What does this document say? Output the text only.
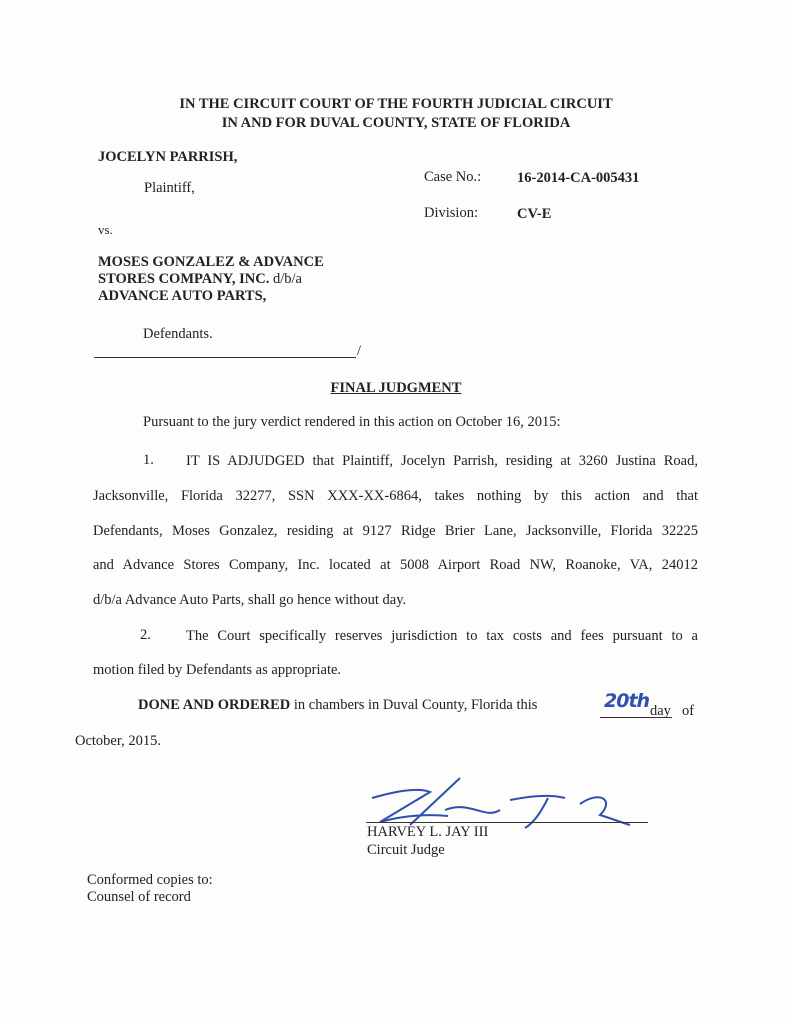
IN THE CIRCUIT COURT OF THE FOURTH JUDICIAL CIRCUIT
IN AND FOR DUVAL COUNTY, STATE OF FLORIDA
JOCELYN PARRISH,
Plaintiff,
vs.
MOSES GONZALEZ & ADVANCE
STORES COMPANY, INC. d/b/a
ADVANCE AUTO PARTS,
Defendants.
/
Case No.: 16-2014-CA-005431
Division:	CV-E
FINAL JUDGMENT
Pursuant to the jury verdict rendered in this action on October 16, 2015:
1. IT IS ADJUDGED that Plaintiff, Jocelyn Parrish, residing at 3260 Justina Road,
Jacksonville, Florida 32277, SSN XXX-XX-6864, takes nothing by this action and that
Defendants, Moses Gonzalez, residing at 9127 Ridge Brier Lane, Jacksonville, Florida 32225
and Advance Stores Company, Inc. located at 5008 Airport Road NW, Roanoke, VA, 24012
d/b/a Advance Auto Parts, shall go hence without day.
2. The Court specifically reserves jurisdiction to tax costs and fees pursuant to a
motion filed by Defendants as appropriate.
DONE AND ORDERED in chambers in Duval County, Florida this	20th day of
October, 2015.
HARVEY L. JAY III
Circuit Judge
Conformed copies to:
Counsel of record
